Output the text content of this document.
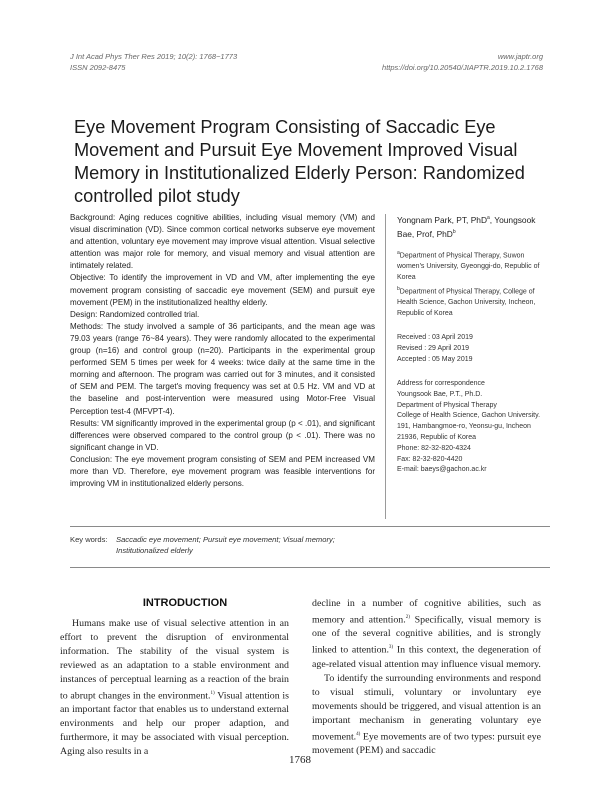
J Int Acad Phys Ther Res 2019; 10(2): 1768~1773
ISSN 2092-8475
www.japtr.org
https://doi.org/10.20540/JIAPTR.2019.10.2.1768
Eye Movement Program Consisting of Saccadic Eye Movement and Pursuit Eye Movement Improved Visual Memory in Institutionalized Elderly Person: Randomized controlled pilot study

Background: Aging reduces cognitive abilities, including visual memory (VM) and visual discrimination (VD). Since common cortical networks subserve eye movement and attention, voluntary eye movement may improve visual attention. Visual selective attention was major role for memory, and visual memory and visual attention are intimately related.

Objective: To identify the improvement in VD and VM, after implementing the eye movement program consisting of saccadic eye movement (SEM) and pursuit eye movement (PEM) in the institutionalized healthy elderly.

Design: Randomized controlled trial.

Methods: The study involved a sample of 36 participants, and the mean age was 79.03 years (range 76~84 years). They were randomly allocated to the experimental group (n=16) and control group (n=20). Participants in the experimental group performed SEM 5 times per week for 4 weeks: twice daily at the same time in the morning and afternoon. The program was carried out for 3 minutes, and it consisted of SEM and PEM. The target's moving frequency was set at 0.5 Hz. VM and VD at the baseline and post-intervention were measured using Motor-Free Visual Perception test-4 (MFVPT-4).

Results: VM significantly improved in the experimental group (p < .01), and significant differences were observed compared to the control group (p < .01). There was no significant change in VD.

Conclusion: The eye movement program consisting of SEM and PEM increased VM more than VD. Therefore, eye movement program was feasible interventions for improving VM in institutionalized elderly persons.

Yongnam Park, PT, PhD$^a$, Youngsook Bae, Prof, PhD$^b$

$^a$Department of Physical Therapy, Suwon women's University, Gyeonggi-do, Republic of Korea

$^b$Department of Physical Therapy, College of Health Science, Gachon University, Incheon, Republic of Korea

Received : 03 April 2019

Revised : 29 April 2019

Accepted : 05 May 2019

Address for correspondence

Youngsook Bae, P.T., Ph.D.

Department of Physical Therapy

College of Health Science, Gachon University. 191, Hambangmoe-ro, Yeonsu-gu, Incheon 21936, Republic of Korea

Phone: 82-32-820-4324

Fax: 82-32-820-4420

E-mail: baeys@gachon.ac.kr

Key words:	Saccadic eye movement; Pursuit eye movement; Visual memory; Institutionalized elderly
INTRODUCTION

Humans make use of visual selective attention in an effort to prevent the disruption of environmental information. The stability of the visual system is reviewed as an adaptation to a stable environment and instances of perceptual learning as a reaction of the brain to abrupt changes in the environment.$^{1)}$ Visual attention is an important factor that enables us to understand external environments and help our proper adaption, and furthermore, it may be associated with visual perception. Aging also results in a

decline in a number of cognitive abilities, such as memory and attention.$^{2)}$ Specifically, visual memory is one of the several cognitive abilities, and is strongly linked to attention.$^{3)}$ In this context, the degeneration of age-related visual attention may influence visual memory.

To identify the surrounding environments and respond to visual stimuli, voluntary or involuntary eye movements should be triggered, and visual attention is an important mechanism in generating voluntary eye movement.$^{4)}$ Eye movements are of two types: pursuit eye movement (PEM) and saccadic

1768
